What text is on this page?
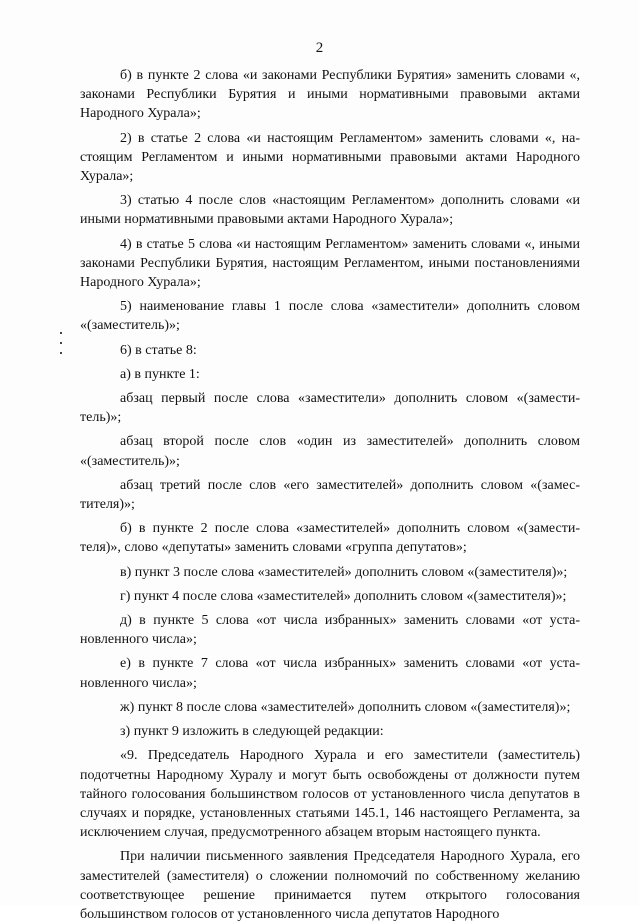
2

б) в пункте 2 слова «и законами Республики Бурятия» заменить словами «, законами Республики Бурятия и иными нормативными правовыми актами Народного Хурала»;

2) в статье 2 слова «и настоящим Регламентом» заменить словами «, настоящим Регламентом и иными нормативными правовыми актами Народного Хурала»;

3) статью 4 после слов «настоящим Регламентом» дополнить словами «и иными нормативными правовыми актами Народного Хурала»;

4) в статье 5 слова «и настоящим Регламентом» заменить словами «, иными законами Республики Бурятия, настоящим Регламентом, иными постановлениями Народного Хурала»;

5) наименование главы 1 после слова «заместители» дополнить словом «(заместитель)»;

6) в статье 8:

а) в пункте 1:

абзац первый после слова «заместители» дополнить словом «(заместитель)»;

абзац второй после слов «один из заместителей» дополнить словом «(заместитель)»;

абзац третий после слов «его заместителей» дополнить словом «(заместителя)»;

б) в пункте 2 после слова «заместителей» дополнить словом «(заместителя)», слово «депутаты» заменить словами «группа депутатов»;

в) пункт 3 после слова «заместителей» дополнить словом «(заместителя)»;

г) пункт 4 после слова «заместителей» дополнить словом «(заместителя)»;

д) в пункте 5 слова «от числа избранных» заменить словами «от установленного числа»;

е) в пункте 7 слова «от числа избранных» заменить словами «от установленного числа»;

ж) пункт 8 после слова «заместителей» дополнить словом «(заместителя)»;

з) пункт 9 изложить в следующей редакции:

«9. Председатель Народного Хурала и его заместители (заместитель) подотчетны Народному Хуралу и могут быть освобождены от должности путем тайного голосования большинством голосов от установленного числа депутатов в случаях и порядке, установленных статьями 145.1, 146 настоящего Регламента, за исключением случая, предусмотренного абзацем вторым настоящего пункта.

При наличии письменного заявления Председателя Народного Хурала, его заместителей (заместителя) о сложении полномочий по собственному желанию соответствующее решение принимается путем открытого голосования большинством голосов от установленного числа депутатов Народного
